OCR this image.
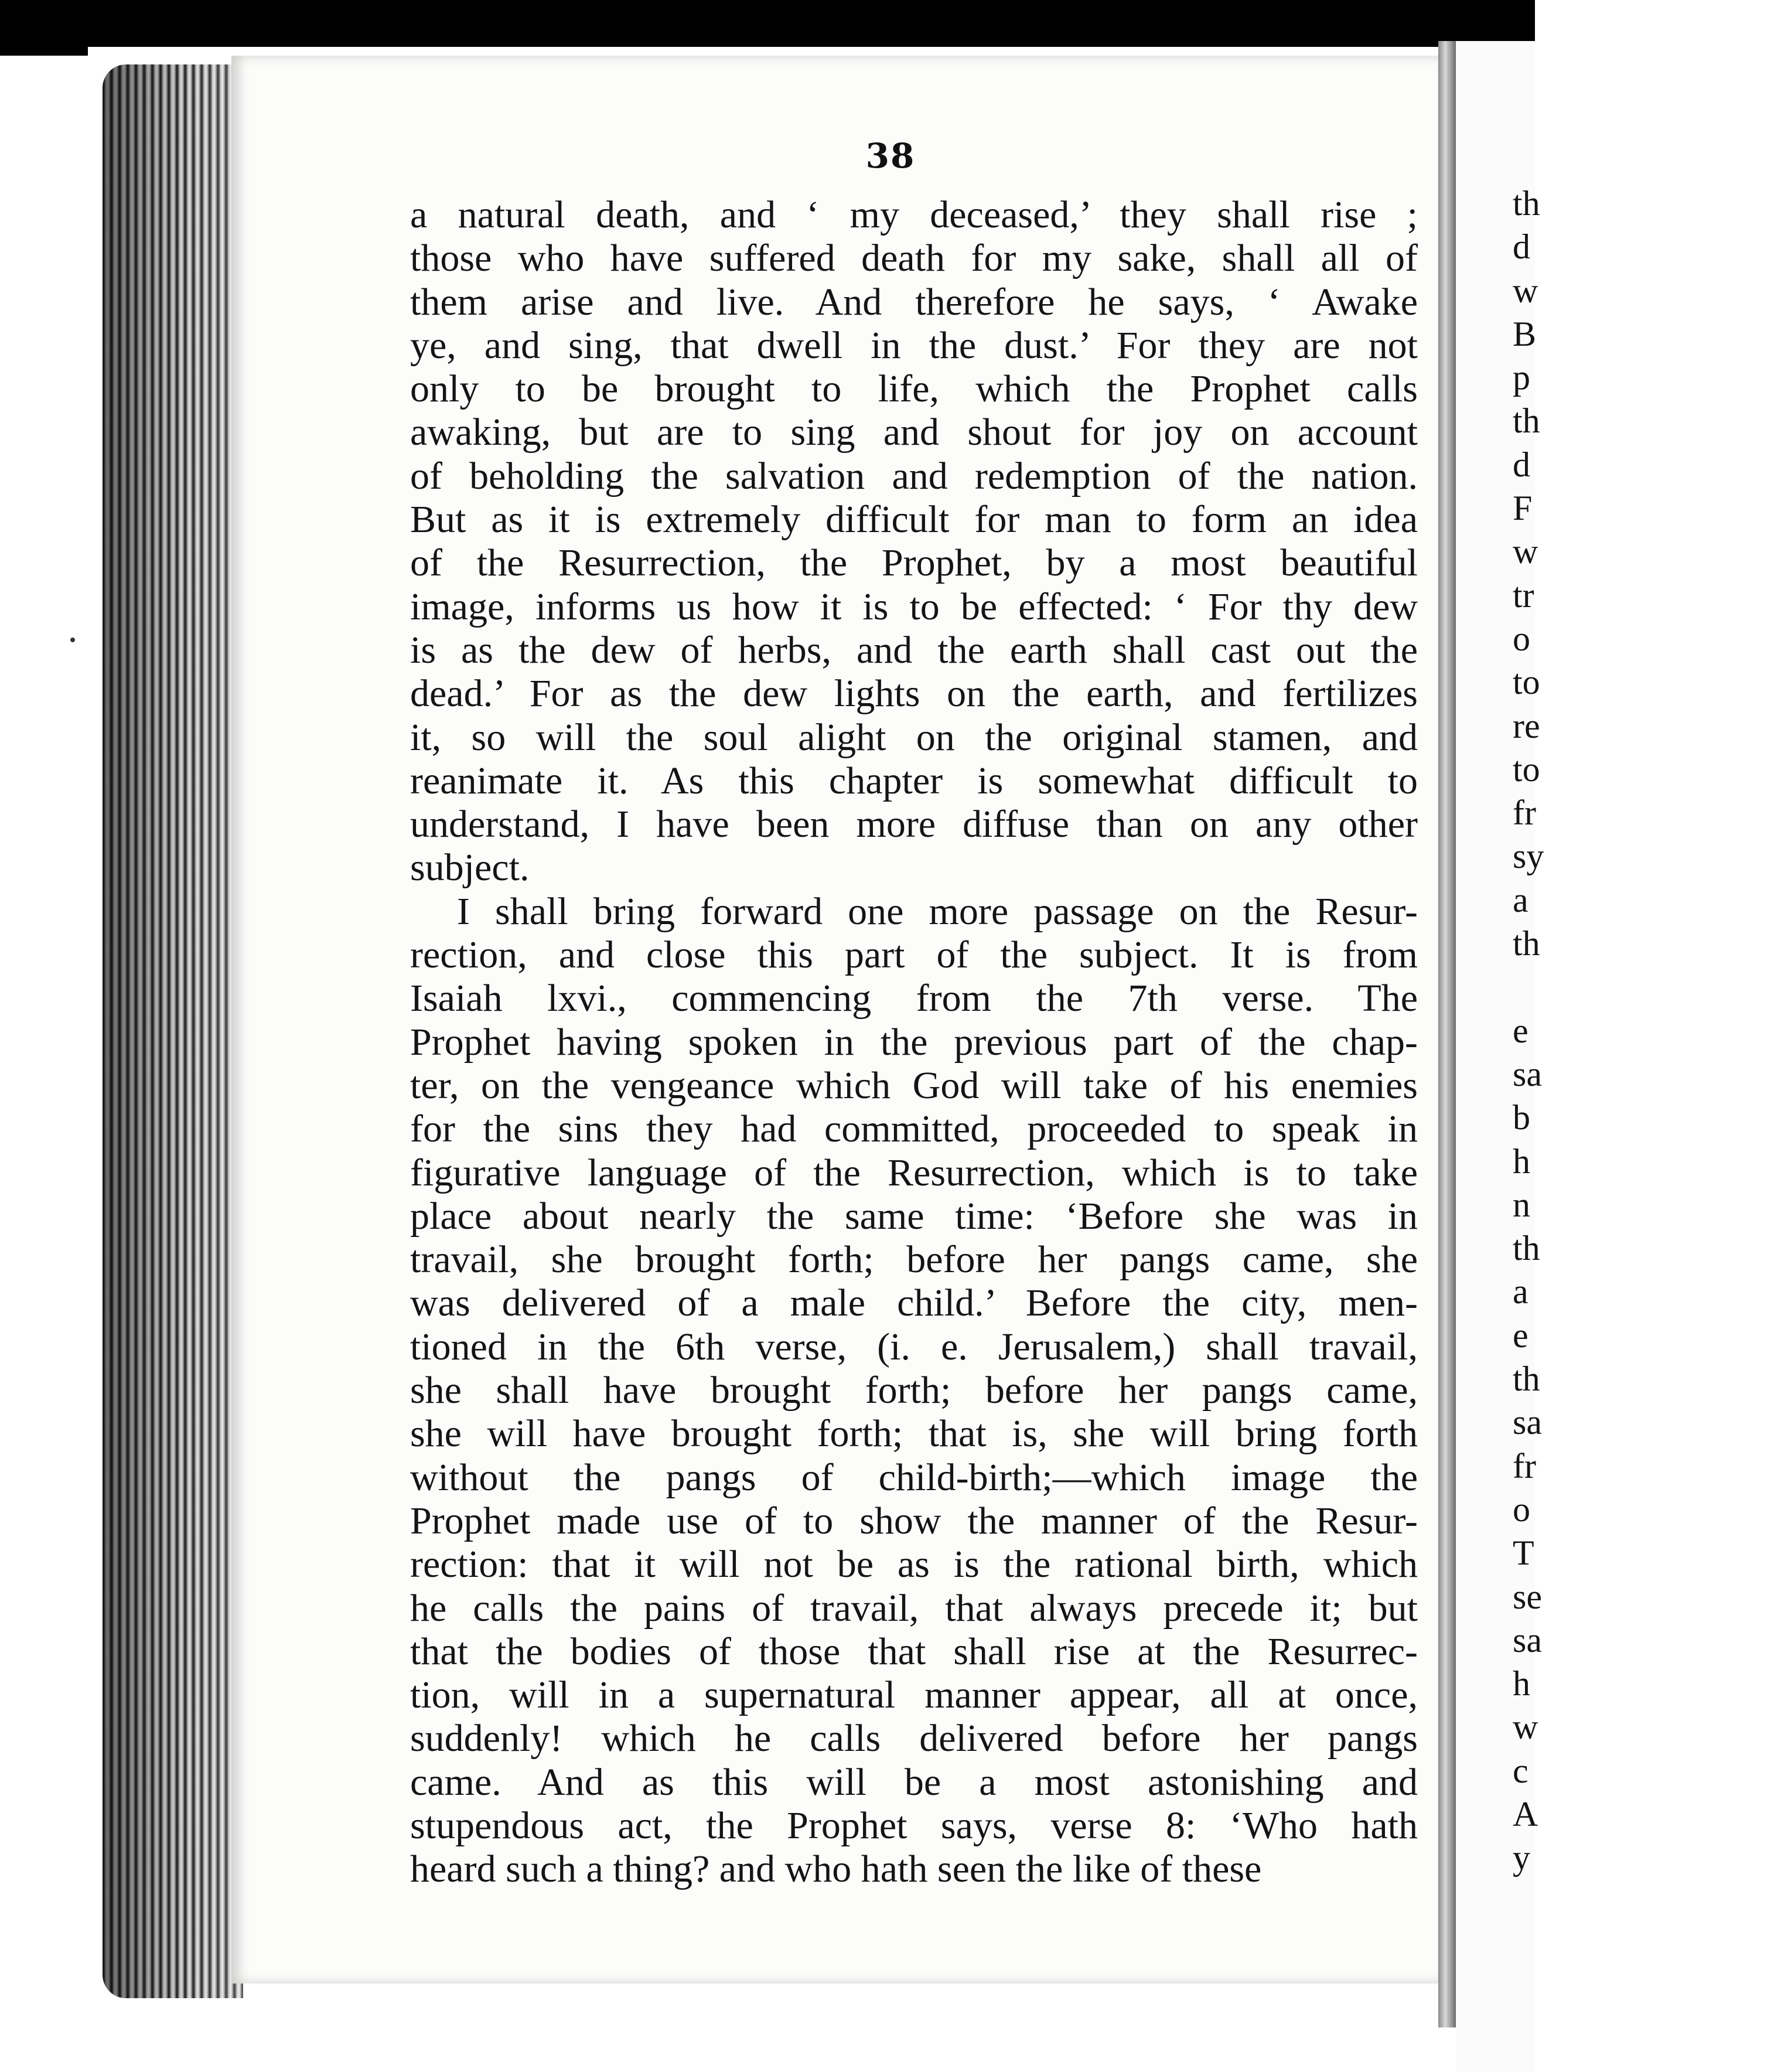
38
a natural death, and ‘ my deceased,’ they shall rise ;
those who have suffered death for my sake, shall all of
them arise and live. And therefore he says, ‘ Awake
ye, and sing, that dwell in the dust.’ For they are not
only to be brought to life, which the Prophet calls
awaking, but are to sing and shout for joy on account
of beholding the salvation and redemption of the nation.
But as it is extremely difficult for man to form an idea
of the Resurrection, the Prophet, by a most beautiful
image, informs us how it is to be effected: ‘ For thy dew
is as the dew of herbs, and the earth shall cast out the
dead.’ For as the dew lights on the earth, and fertilizes
it, so will the soul alight on the original stamen, and
reanimate it. As this chapter is somewhat difficult to
understand, I have been more diffuse than on any other
subject.
I shall bring forward one more passage on the Resur-
rection, and close this part of the subject. It is from
Isaiah lxvi., commencing from the 7th verse. The
Prophet having spoken in the previous part of the chap-
ter, on the vengeance which God will take of his enemies
for the sins they had committed, proceeded to speak in
figurative language of the Resurrection, which is to take
place about nearly the same time: ‘Before she was in
travail, she brought forth; before her pangs came, she
was delivered of a male child.’ Before the city, men-
tioned in the 6th verse, (i. e. Jerusalem,) shall travail,
she shall have brought forth; before her pangs came,
she will have brought forth; that is, she will bring forth
without the pangs of child-birth;—which image the
Prophet made use of to show the manner of the Resur-
rection: that it will not be as is the rational birth, which
he calls the pains of travail, that always precede it; but
that the bodies of those that shall rise at the Resurrec-
tion, will in a supernatural manner appear, all at once,
suddenly! which he calls delivered before her pangs
came. And as this will be a most astonishing and
stupendous act, the Prophet says, verse 8: ‘Who hath
heard such a thing? and who hath seen the like of these
th
d
w
B
p
th
d
F
w
tr
o
to
re
to
fr
sy
a
th
e
sa
b
h
n
th
a
e
th
sa
fr
o
T
se
sa
h
w
c
A
y
